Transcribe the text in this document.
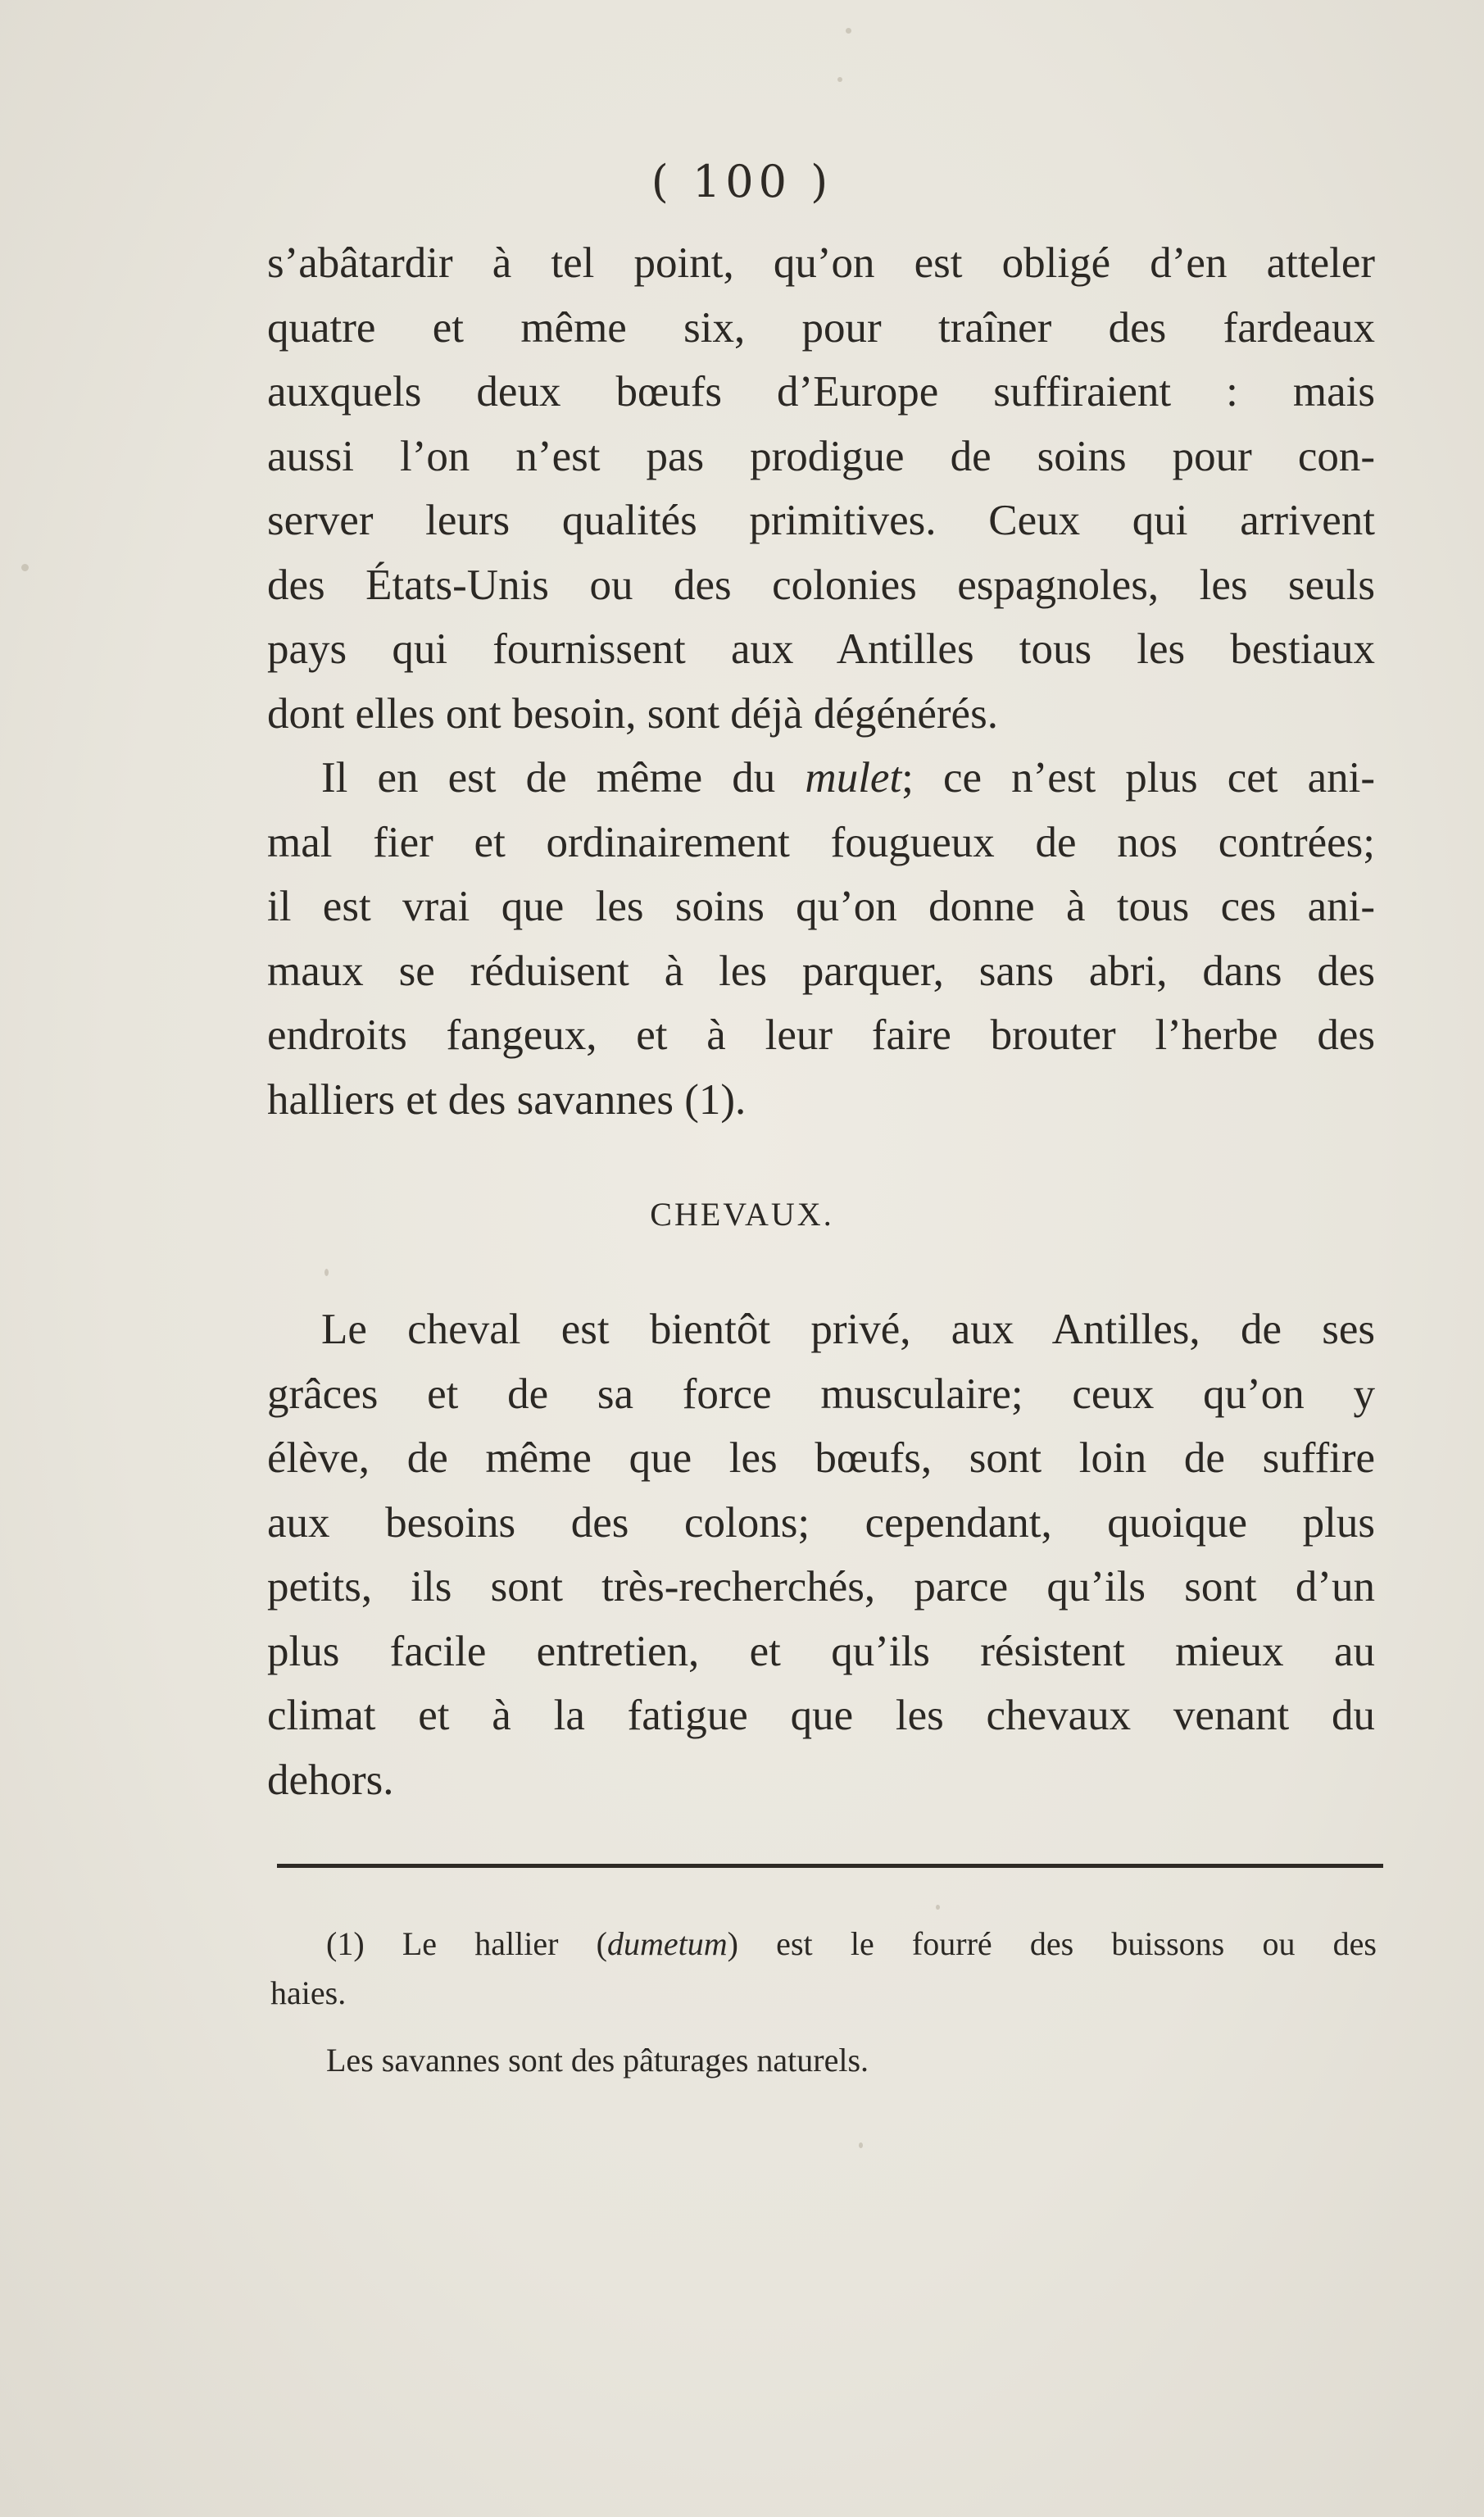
( 100 )
s’abâtardir à tel point, qu’on est obligé d’en atteler
quatre et même six, pour traîner des fardeaux
auxquels deux bœufs d’Europe suffiraient : mais
aussi l’on n’est pas prodigue de soins pour con-
server leurs qualités primitives. Ceux qui arrivent
des États-Unis ou des colonies espagnoles, les seuls
pays qui fournissent aux Antilles tous les bestiaux
dont elles ont besoin, sont déjà dégénérés.
Il en est de même du mulet; ce n’est plus cet ani-
mal fier et ordinairement fougueux de nos contrées;
il est vrai que les soins qu’on donne à tous ces ani-
maux se réduisent à les parquer, sans abri, dans des
endroits fangeux, et à leur faire brouter l’herbe des
halliers et des savannes (1).
CHEVAUX.
Le cheval est bientôt privé, aux Antilles, de ses
grâces et de sa force musculaire; ceux qu’on y
élève, de même que les bœufs, sont loin de suffire
aux besoins des colons; cependant, quoique plus
petits, ils sont très-recherchés, parce qu’ils sont d’un
plus facile entretien, et qu’ils résistent mieux au
climat et à la fatigue que les chevaux venant du
dehors.
(1) Le hallier (dumetum) est le fourré des buissons ou des
haies.
Les savannes sont des pâturages naturels.
